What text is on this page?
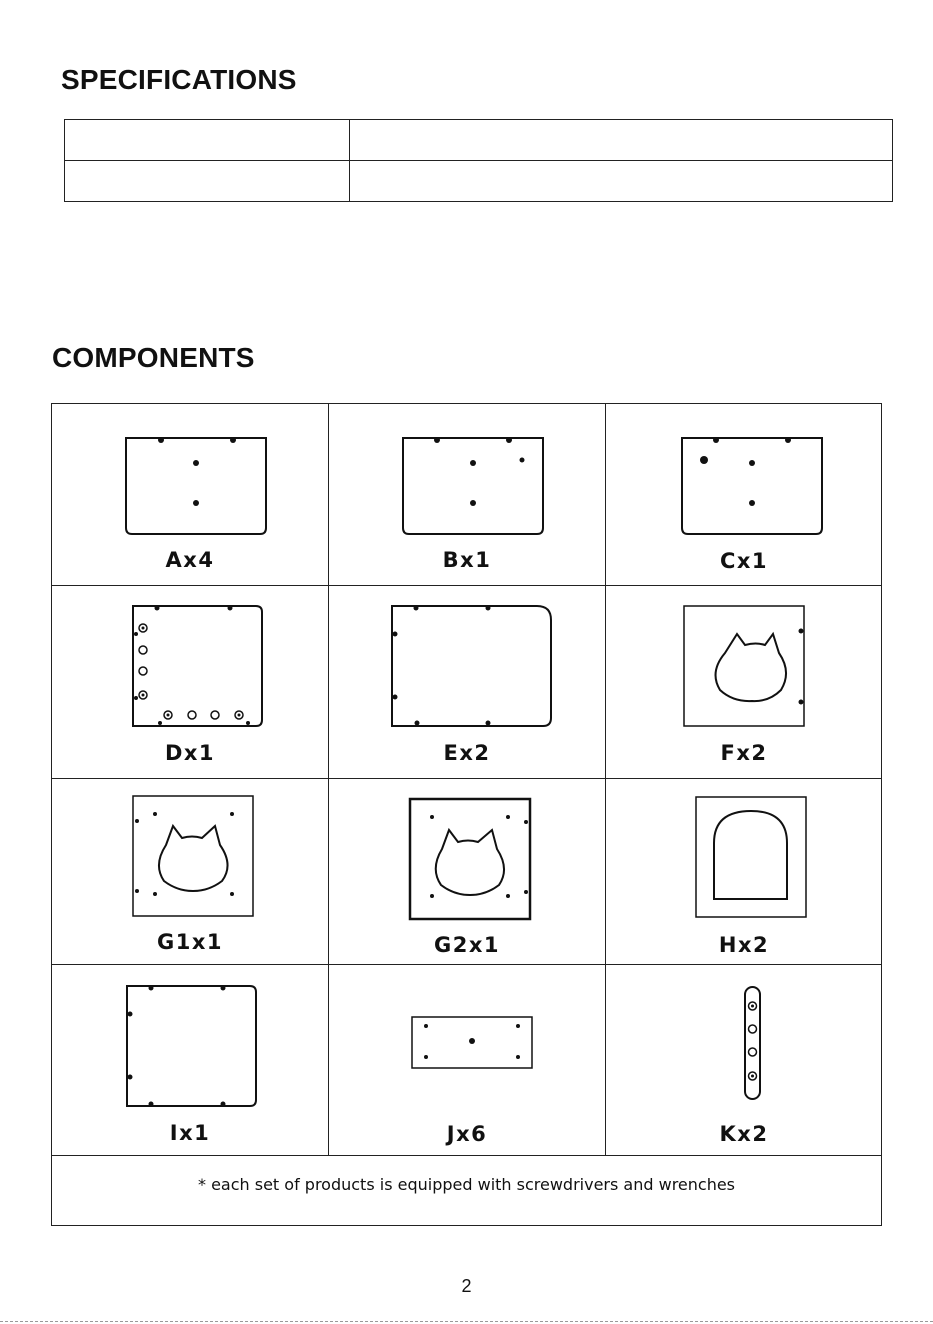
SPECIFICATIONS

COMPONENTS
Ax4	Bx1	Cx1
Dx1	Ex2	Fx2
G1x1	G2x1	Hx2
Ix1	Jx6	Kx2
* each set of products is equipped with screwdrivers and wrenches
2
